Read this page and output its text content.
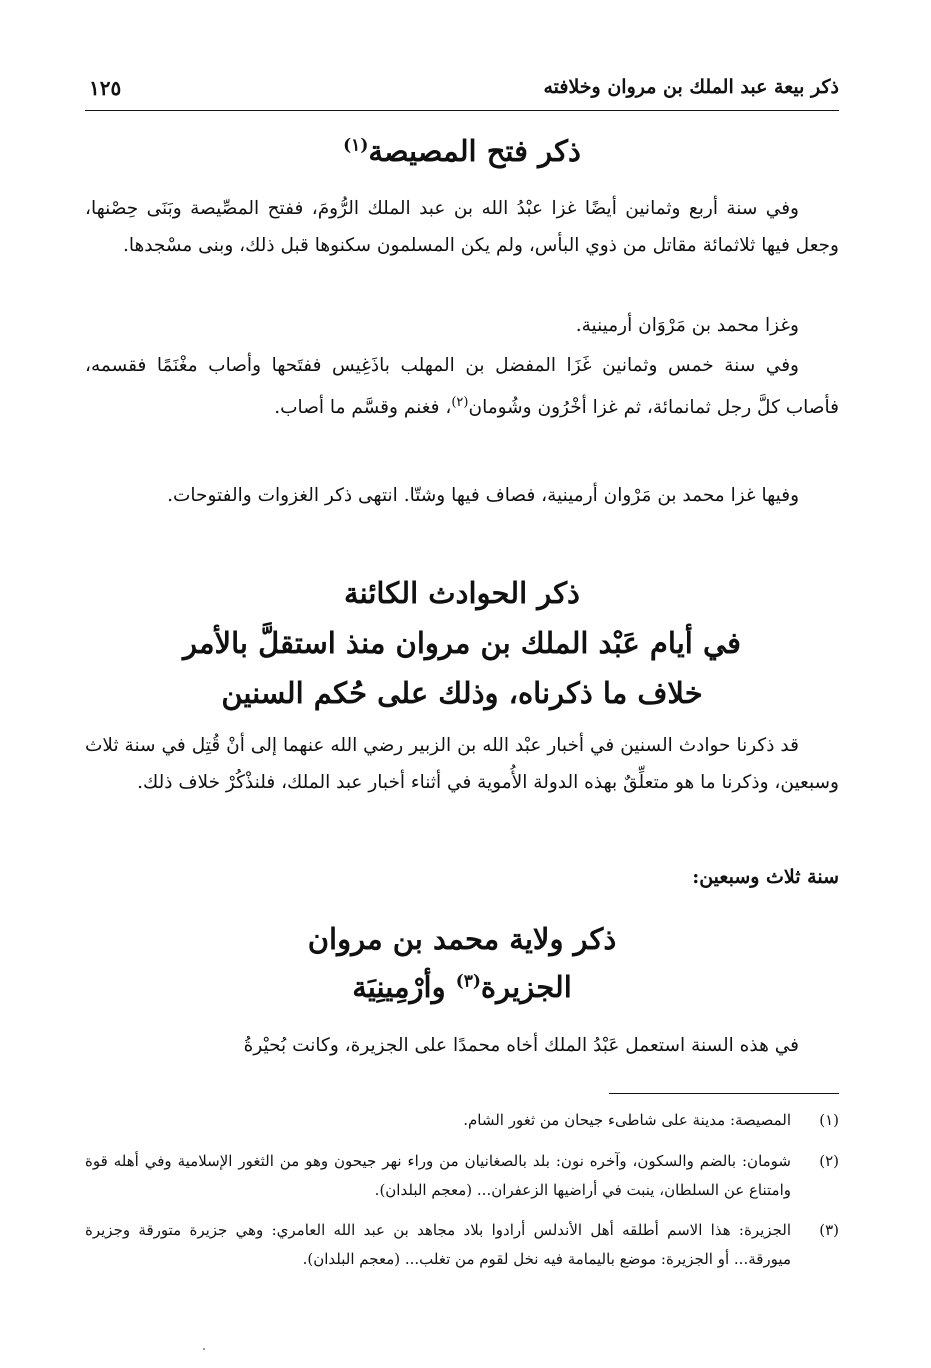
ذكر بيعة عبد الملك بن مروان وخلافته
١٢٥
ذكر فتح المصيصة$^{(١)}$

وفي سنة أربع وثمانين أيضًا غزا عبْدُ الله بن عبد الملك الرُّومَ، ففتح المصِّيصة وبَنَى حِصْنها، وجعل فيها ثلاثمائة مقاتل من ذوي البأس، ولم يكن المسلمون سكنوها قبل ذلك، وبنى مسْجدها.

وغزا محمد بن مَرْوَان أرمينية.

وفي سنة خمس وثمانين غَزَا المفضل بن المهلب باذَغِيس ففتَحها وأصاب مغْنَمًا فقسمه، فأصاب كلَّ رجل ثمانمائة، ثم غزا أخْرُون وشُومان$^{(٢)}$، فغنم وقسَّم ما أصاب.

وفيها غزا محمد بن مَرْوان أرمينية، فصاف فيها وشتّا. انتهى ذكر الغزوات والفتوحات.

ذكر الحوادث الكائنة
في أيام عَبْد الملك بن مروان منذ استقلَّ بالأمر
خلاف ما ذكرناه، وذلك على حُكم السنين

قد ذكرنا حوادث السنين في أخبار عبْد الله بن الزبير رضي الله عنهما إلى أنْ قُتِل في سنة ثلاث وسبعين، وذكرنا ما هو متعلِّقٌ بهذه الدولة الأُموية في أثناء أخبار عبد الملك، فلنذْكُرْ خلاف ذلك.

سنة ثلاث وسبعين:
ذكر ولاية محمد بن مروان
الجزيرة$^{(٣)}$ وأرْمِينِيَة

في هذه السنة استعمل عَبْدُ الملك أخاه محمدًا على الجزيرة، وكانت بُحيْرةُ

(١)
المصيصة: مدينة على شاطىء جيحان من ثغور الشام.
(٢)
شومان: بالضم والسكون، وآخره نون: بلد بالصغانيان من وراء نهر جيحون وهو من الثغور الإسلامية وفي أهله قوة وامتناع عن السلطان، ينبت في أراضيها الزعفران... (معجم البلدان).
(٣)
الجزيرة: هذا الاسم أطلقه أهل الأندلس أرادوا بلاد مجاهد بن عبد الله العامري: وهي جزيرة متورقة وجزيرة ميورقة... أو الجزيرة: موضع باليمامة فيه نخل لقوم من تغلب... (معجم البلدان).
